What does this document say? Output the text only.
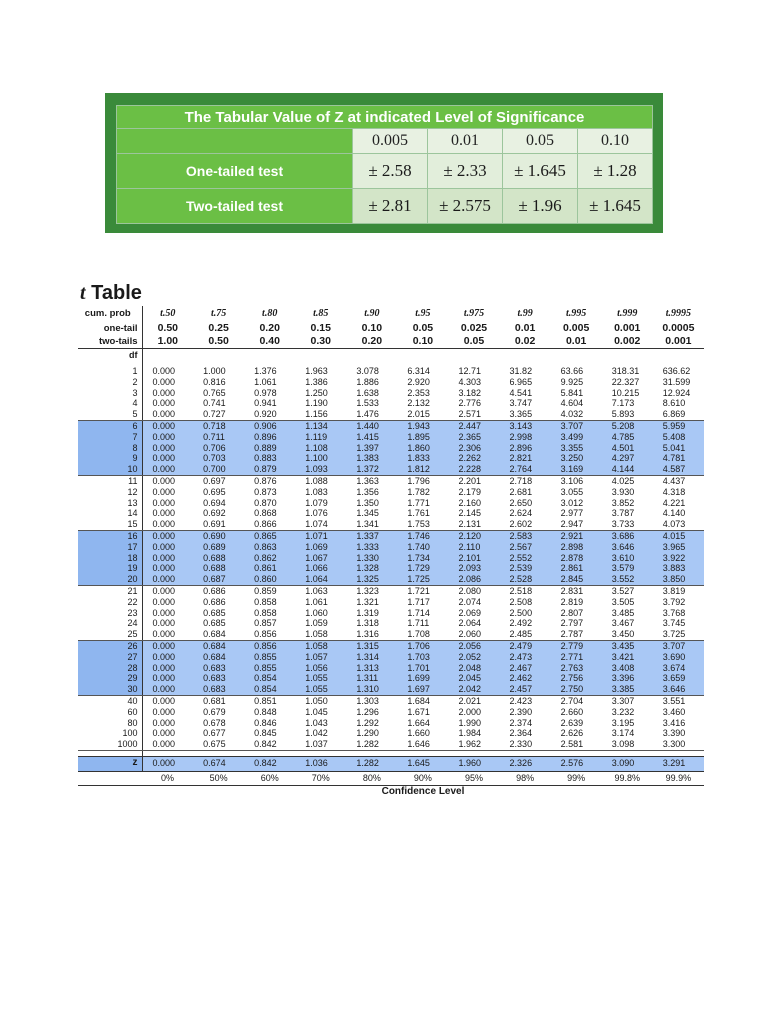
The Tabular Value of Z at indicated Level of Significance				
	0.005	0.01	0.05	0.10
One-tailed test	± 2.58	± 2.33	± 1.645	± 1.28
Two-tailed test	± 2.81	± 2.575	± 1.96	± 1.645
t Table
cum. prob	t.50	t.75	t.80	t.85	t.90	t.95	t.975	t.99	t.995	t.999	t.9995
one-tail	0.50	0.25	0.20	0.15	0.10	0.05	0.025	0.01	0.005	0.001	0.0005
two-tails	1.00	0.50	0.40	0.30	0.20	0.10	0.05	0.02	0.01	0.002	0.001
df											

1	0.000	1.000	1.376	1.963	3.078	6.314	12.71	31.82	63.66	318.31	636.62
2	0.000	0.816	1.061	1.386	1.886	2.920	4.303	6.965	9.925	22.327	31.599
3	0.000	0.765	0.978	1.250	1.638	2.353	3.182	4.541	5.841	10.215	12.924
4	0.000	0.741	0.941	1.190	1.533	2.132	2.776	3.747	4.604	7.173	8.610
5	0.000	0.727	0.920	1.156	1.476	2.015	2.571	3.365	4.032	5.893	6.869
6	0.000	0.718	0.906	1.134	1.440	1.943	2.447	3.143	3.707	5.208	5.959
7	0.000	0.711	0.896	1.119	1.415	1.895	2.365	2.998	3.499	4.785	5.408
8	0.000	0.706	0.889	1.108	1.397	1.860	2.306	2.896	3.355	4.501	5.041
9	0.000	0.703	0.883	1.100	1.383	1.833	2.262	2.821	3.250	4.297	4.781
10	0.000	0.700	0.879	1.093	1.372	1.812	2.228	2.764	3.169	4.144	4.587
11	0.000	0.697	0.876	1.088	1.363	1.796	2.201	2.718	3.106	4.025	4.437
12	0.000	0.695	0.873	1.083	1.356	1.782	2.179	2.681	3.055	3.930	4.318
13	0.000	0.694	0.870	1.079	1.350	1.771	2.160	2.650	3.012	3.852	4.221
14	0.000	0.692	0.868	1.076	1.345	1.761	2.145	2.624	2.977	3.787	4.140
15	0.000	0.691	0.866	1.074	1.341	1.753	2.131	2.602	2.947	3.733	4.073
16	0.000	0.690	0.865	1.071	1.337	1.746	2.120	2.583	2.921	3.686	4.015
17	0.000	0.689	0.863	1.069	1.333	1.740	2.110	2.567	2.898	3.646	3.965
18	0.000	0.688	0.862	1.067	1.330	1.734	2.101	2.552	2.878	3.610	3.922
19	0.000	0.688	0.861	1.066	1.328	1.729	2.093	2.539	2.861	3.579	3.883
20	0.000	0.687	0.860	1.064	1.325	1.725	2.086	2.528	2.845	3.552	3.850
21	0.000	0.686	0.859	1.063	1.323	1.721	2.080	2.518	2.831	3.527	3.819
22	0.000	0.686	0.858	1.061	1.321	1.717	2.074	2.508	2.819	3.505	3.792
23	0.000	0.685	0.858	1.060	1.319	1.714	2.069	2.500	2.807	3.485	3.768
24	0.000	0.685	0.857	1.059	1.318	1.711	2.064	2.492	2.797	3.467	3.745
25	0.000	0.684	0.856	1.058	1.316	1.708	2.060	2.485	2.787	3.450	3.725
26	0.000	0.684	0.856	1.058	1.315	1.706	2.056	2.479	2.779	3.435	3.707
27	0.000	0.684	0.855	1.057	1.314	1.703	2.052	2.473	2.771	3.421	3.690
28	0.000	0.683	0.855	1.056	1.313	1.701	2.048	2.467	2.763	3.408	3.674
29	0.000	0.683	0.854	1.055	1.311	1.699	2.045	2.462	2.756	3.396	3.659
30	0.000	0.683	0.854	1.055	1.310	1.697	2.042	2.457	2.750	3.385	3.646
40	0.000	0.681	0.851	1.050	1.303	1.684	2.021	2.423	2.704	3.307	3.551
60	0.000	0.679	0.848	1.045	1.296	1.671	2.000	2.390	2.660	3.232	3.460
80	0.000	0.678	0.846	1.043	1.292	1.664	1.990	2.374	2.639	3.195	3.416
100	0.000	0.677	0.845	1.042	1.290	1.660	1.984	2.364	2.626	3.174	3.390
1000	0.000	0.675	0.842	1.037	1.282	1.646	1.962	2.330	2.581	3.098	3.300

z	0.000	0.674	0.842	1.036	1.282	1.645	1.960	2.326	2.576	3.090	3.291
	0%	50%	60%	70%	80%	90%	95%	98%	99%	99.8%	99.9%
	Confidence Level										
